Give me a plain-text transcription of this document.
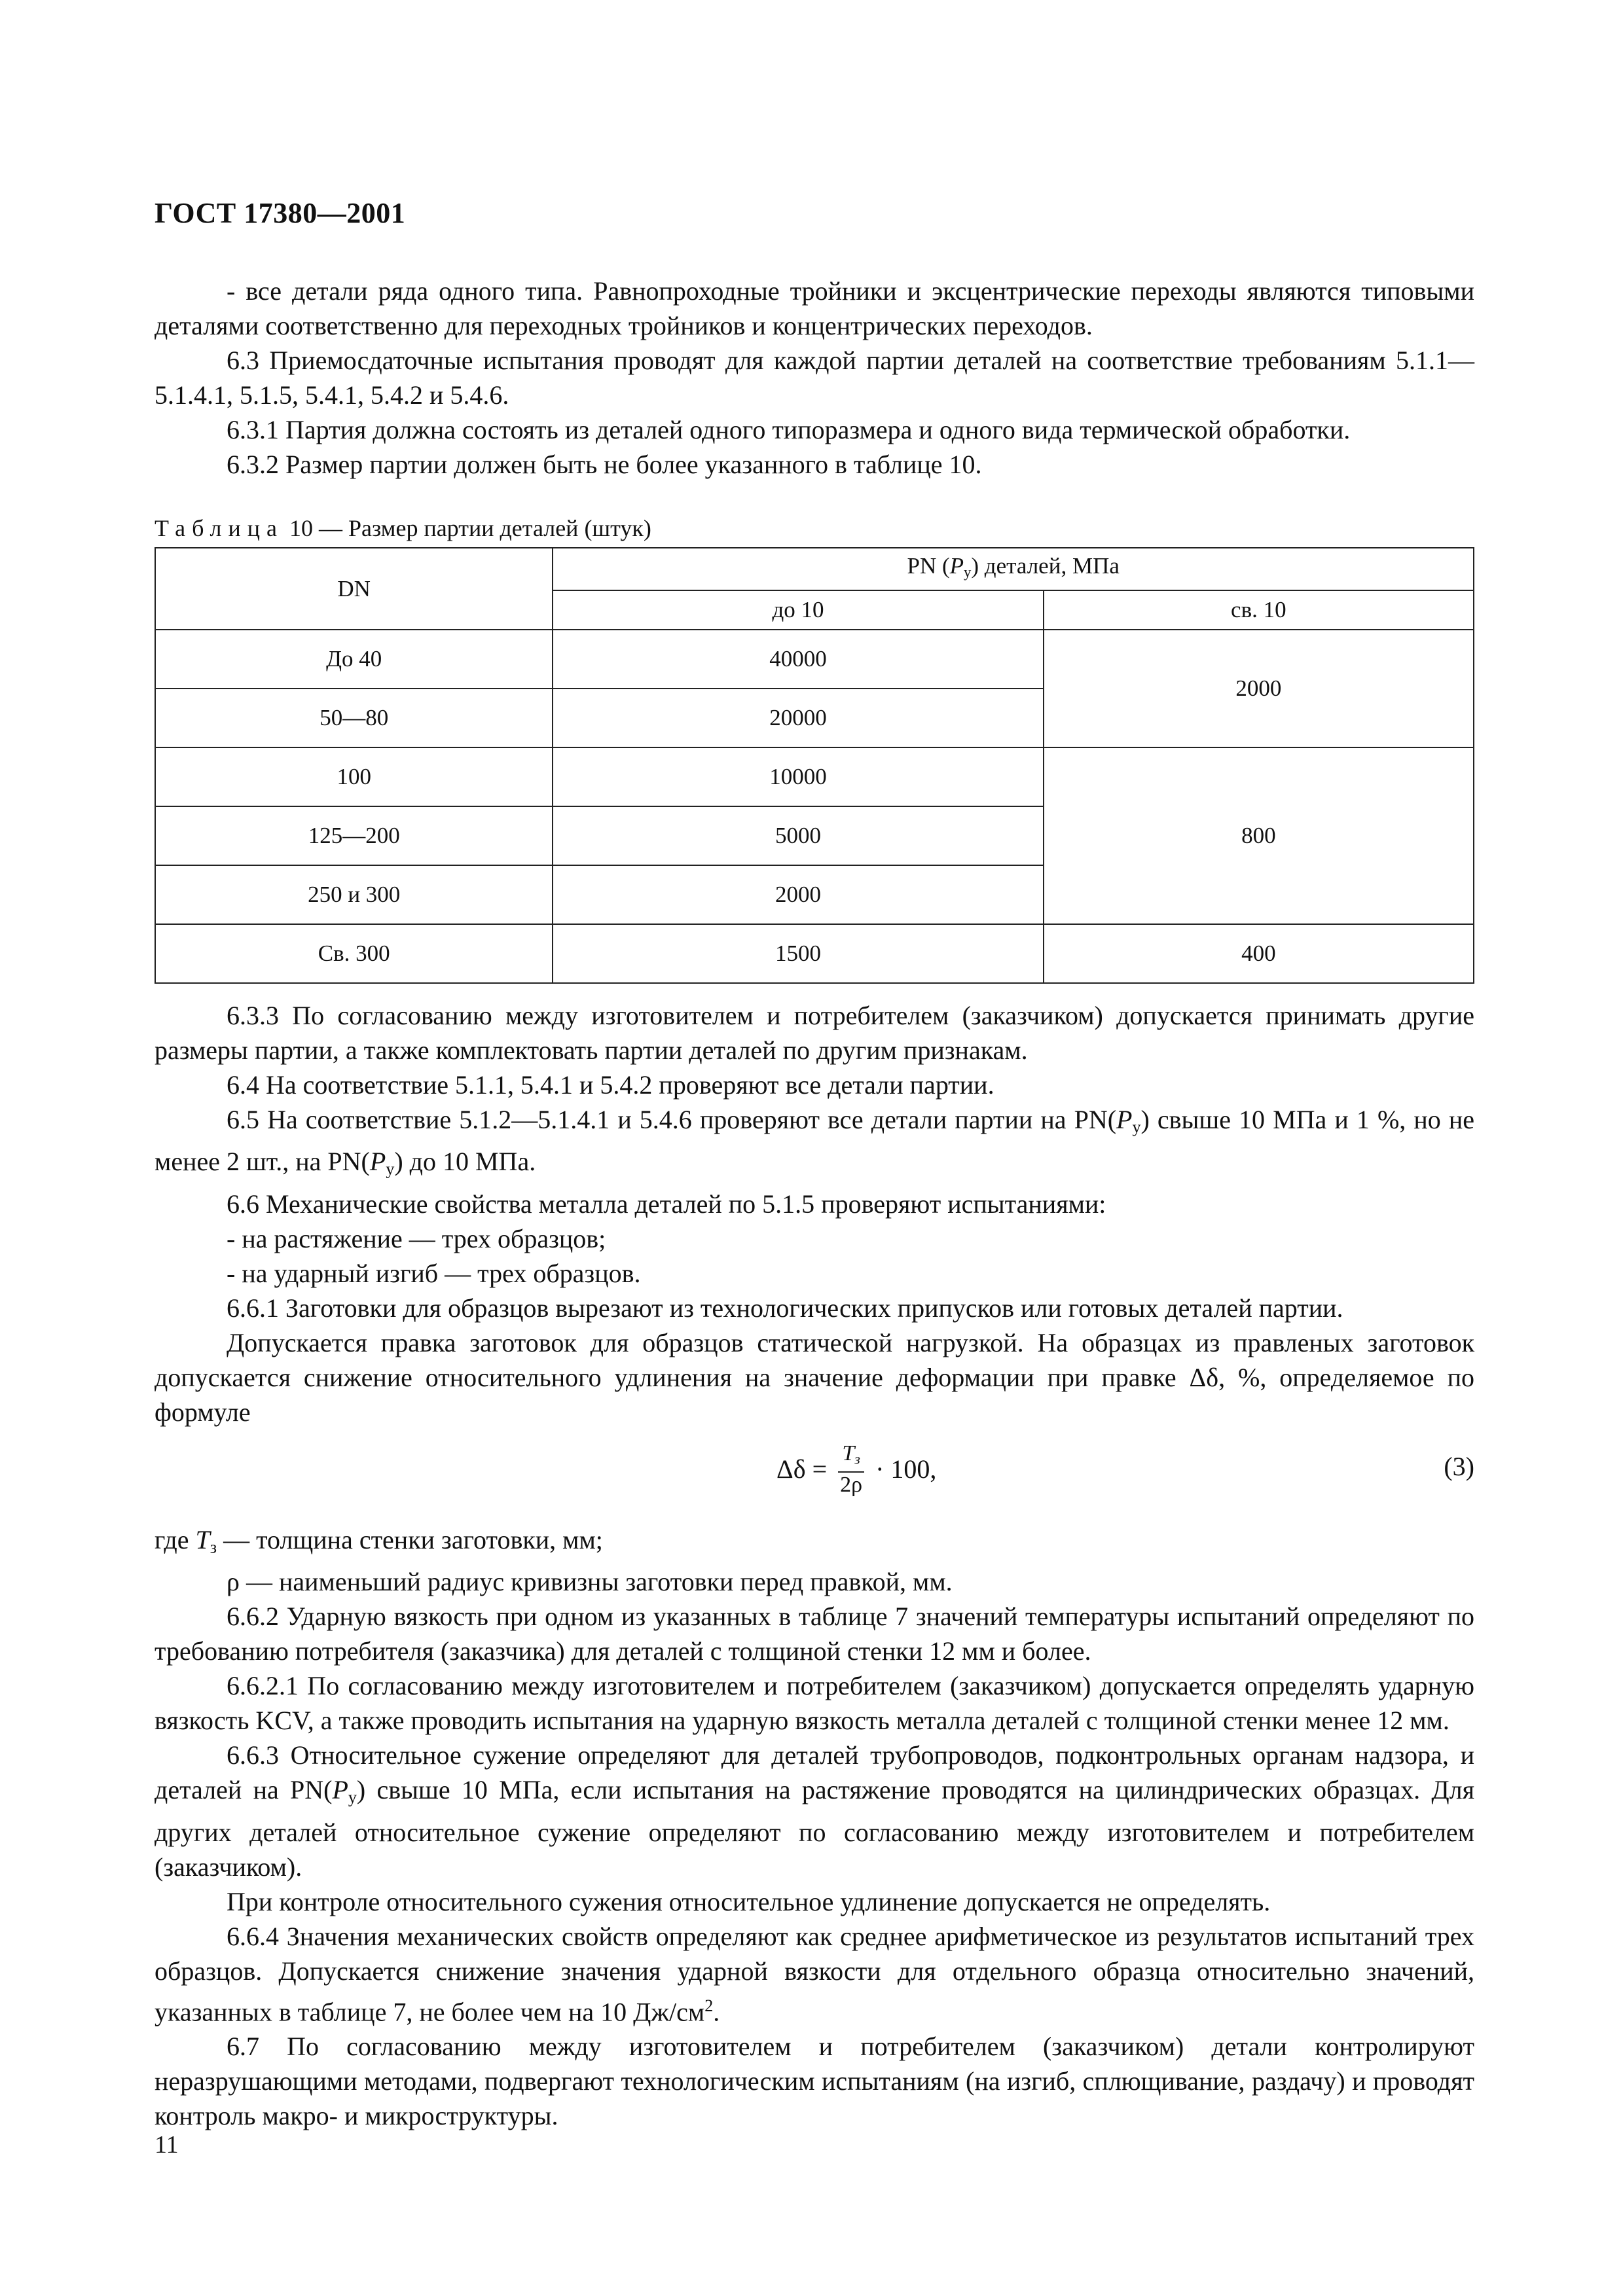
ГОСТ 17380—2001

- все детали ряда одного типа. Равнопроходные тройники и эксцентрические переходы являются типовыми деталями соответственно для переходных тройников и концентрических переходов.

6.3 Приемосдаточные испытания проводят для каждой партии деталей на соответствие требованиям 5.1.1—5.1.4.1, 5.1.5, 5.4.1, 5.4.2 и 5.4.6.

6.3.1 Партия должна состоять из деталей одного типоразмера и одного вида термической обработки.

6.3.2 Размер партии должен быть не более указанного в таблице 10.

Таблица 10 — Размер партии деталей (штук)
DN	PN $(P_у)$ деталей, МПа	
	до 10	св. 10
До 40	40000	2000
50—80	20000	
100	10000	800
125—200	5000	
250 и 300	2000	
Св. 300	1500	400

6.3.3 По согласованию между изготовителем и потребителем (заказчиком) допускается принимать другие размеры партии, а также комплектовать партии деталей по другим признакам.

6.4 На соответствие 5.1.1, 5.4.1 и 5.4.2 проверяют все детали партии.

6.5 На соответствие 5.1.2—5.1.4.1 и 5.4.6 проверяют все детали партии на $PN(P_у)$ свыше 10 МПа и 1 %, но не менее 2 шт., на $PN(P_у)$ до 10 МПа.

6.6 Механические свойства металла деталей по 5.1.5 проверяют испытаниями:

- на растяжение — трех образцов;

- на ударный изгиб — трех образцов.

6.6.1 Заготовки для образцов вырезают из технологических припусков или готовых деталей партии.

Допускается правка заготовок для образцов статической нагрузкой. На образцах из правленых заготовок допускается снижение относительного удлинения на значение деформации при правке Δδ, %, определяемое по формуле

$\Delta\delta = \frac{T_з}{2\rho} \cdot 100$,	(3)

где $T_з$ — толщина стенки заготовки, мм;

ρ — наименьший радиус кривизны заготовки перед правкой, мм.

6.6.2 Ударную вязкость при одном из указанных в таблице 7 значений температуры испытаний определяют по требованию потребителя (заказчика) для деталей с толщиной стенки 12 мм и более.

6.6.2.1 По согласованию между изготовителем и потребителем (заказчиком) допускается определять ударную вязкость KCV, а также проводить испытания на ударную вязкость металла деталей с толщиной стенки менее 12 мм.

6.6.3 Относительное сужение определяют для деталей трубопроводов, подконтрольных органам надзора, и деталей на $PN(P_у)$ свыше 10 МПа, если испытания на растяжение проводятся на цилиндрических образцах. Для других деталей относительное сужение определяют по согласованию между изготовителем и потребителем (заказчиком).

При контроле относительного сужения относительное удлинение допускается не определять.

6.6.4 Значения механических свойств определяют как среднее арифметическое из результатов испытаний трех образцов. Допускается снижение значения ударной вязкости для отдельного образца относительно значений, указанных в таблице 7, не более чем на 10 $Дж/см^2$.

6.7 По согласованию между изготовителем и потребителем (заказчиком) детали контролируют неразрушающими методами, подвергают технологическим испытаниям (на изгиб, сплющивание, раздачу) и проводят контроль макро- и микроструктуры.

11
